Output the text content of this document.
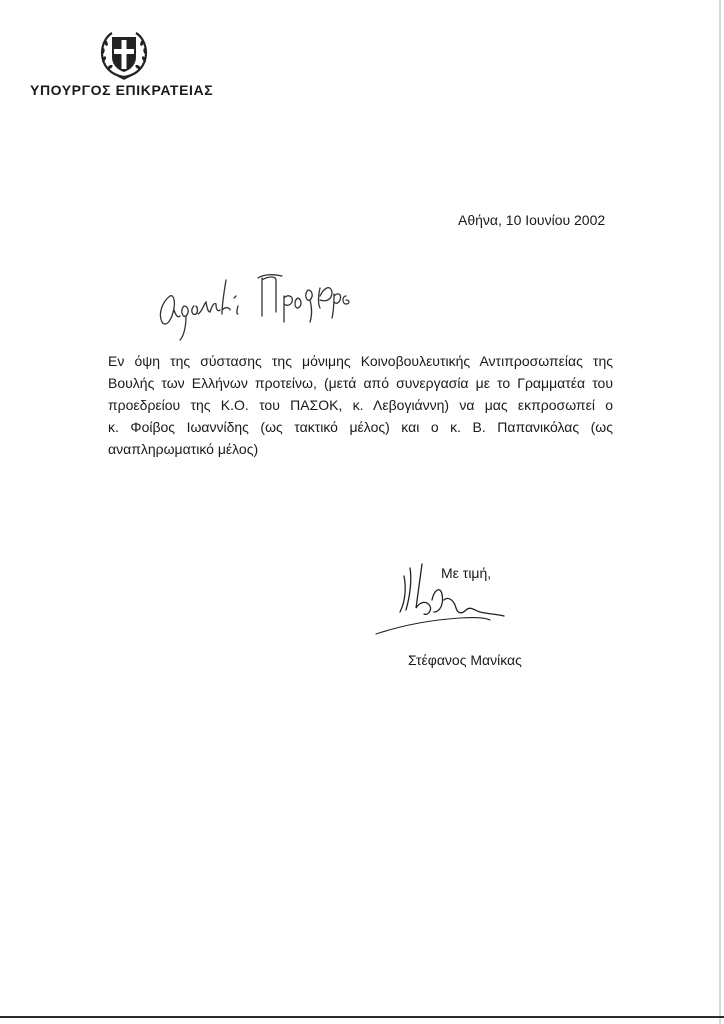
ΥΠΟΥΡΓΟΣ ΕΠΙΚΡΑΤΕΙΑΣ
Αθήνα, 10 Ιουνίου 2002
Εν όψη της σύστασης της μόνιμης Κοινοβουλευτικής Αντιπροσωπείας της
Βουλής των Ελλήνων προτείνω, (μετά από συνεργασία με το Γραμματέα του
προεδρείου της Κ.Ο. του ΠΑΣΟΚ, κ. Λεβογιάννη) να μας εκπροσωπεί ο
κ. Φοίβος Ιωαννίδης (ως τακτικό μέλος) και ο κ. Β. Παπανικόλας (ως
αναπληρωματικό μέλος)
Με τιμή,
Στέφανος Μανίκας
